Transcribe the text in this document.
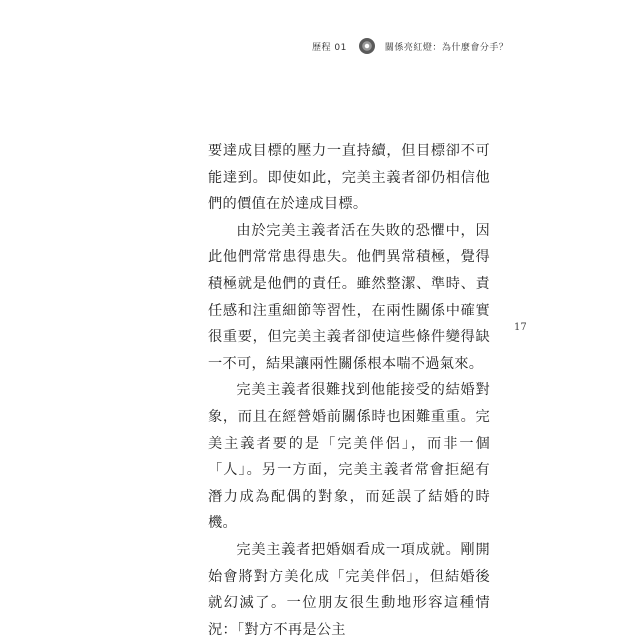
歷程 01	關係亮紅燈：為什麼會分手？

要達成目標的壓力一直持續，但目標卻不可能達到。即使如此，完美主義者卻仍相信他們的價值在於達成目標。

由於完美主義者活在失敗的恐懼中，因此他們常常患得患失。他們異常積極，覺得積極就是他們的責任。雖然整潔、準時、責任感和注重細節等習性，在兩性關係中確實很重要，但完美主義者卻使這些條件變得缺一不可，結果讓兩性關係根本喘不過氣來。

完美主義者很難找到他能接受的結婚對象，而且在經營婚前關係時也困難重重。完美主義者要的是「完美伴侶」，而非一個「人」。另一方面，完美主義者常會拒絕有潛力成為配偶的對象，而延誤了結婚的時機。

完美主義者把婚姻看成一項成就。剛開始會將對方美化成「完美伴侶」，但結婚後就幻滅了。一位朋友很生動地形容這種情況：「對方不再是公主

17
